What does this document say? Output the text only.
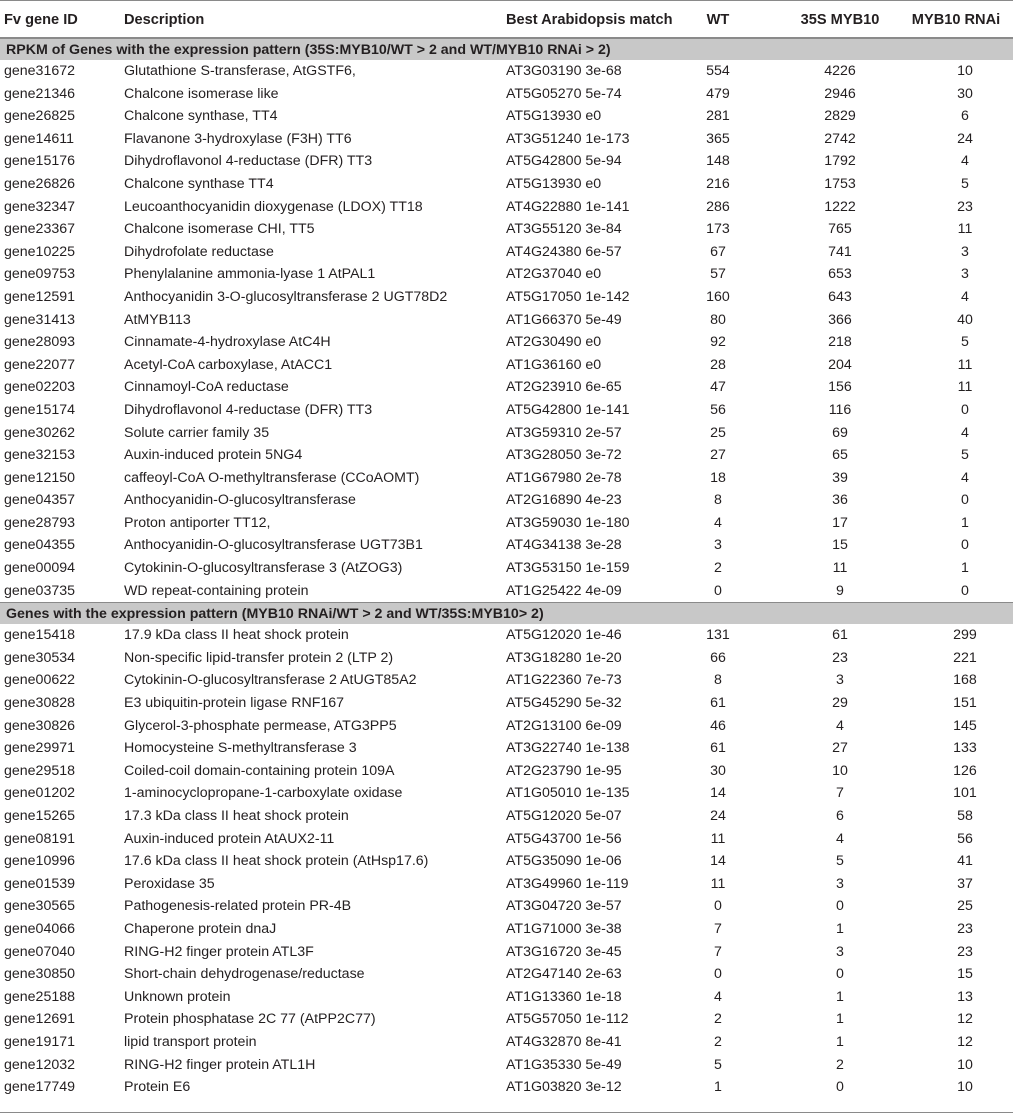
Fv gene ID	Description	Best Arabidopsis match	WT	35S MYB10	MYB10 RNAi
RPKM of Genes with the expression pattern (35S:MYB10/WT > 2 and WT/MYB10 RNAi > 2)
gene31672	Glutathione S-transferase, AtGSTF6,	AT3G03190 3e-68	554	4226	10
gene21346	Chalcone isomerase like	AT5G05270 5e-74	479	2946	30
gene26825	Chalcone synthase, TT4	AT5G13930 e0	281	2829	6
gene14611	Flavanone 3-hydroxylase (F3H) TT6	AT3G51240 1e-173	365	2742	24
gene15176	Dihydroflavonol 4-reductase (DFR) TT3	AT5G42800 5e-94	148	1792	4
gene26826	Chalcone synthase TT4	AT5G13930 e0	216	1753	5
gene32347	Leucoanthocyanidin dioxygenase (LDOX) TT18	AT4G22880 1e-141	286	1222	23
gene23367	Chalcone isomerase CHI, TT5	AT3G55120 3e-84	173	765	11
gene10225	Dihydrofolate reductase	AT4G24380 6e-57	67	741	3
gene09753	Phenylalanine ammonia-lyase 1 AtPAL1	AT2G37040 e0	57	653	3
gene12591	Anthocyanidin 3-O-glucosyltransferase 2 UGT78D2	AT5G17050 1e-142	160	643	4
gene31413	AtMYB113	AT1G66370 5e-49	80	366	40
gene28093	Cinnamate-4-hydroxylase AtC4H	AT2G30490 e0	92	218	5
gene22077	Acetyl-CoA carboxylase, AtACC1	AT1G36160 e0	28	204	11
gene02203	Cinnamoyl-CoA reductase	AT2G23910 6e-65	47	156	11
gene15174	Dihydroflavonol 4-reductase (DFR) TT3	AT5G42800 1e-141	56	116	0
gene30262	Solute carrier family 35	AT3G59310 2e-57	25	69	4
gene32153	Auxin-induced protein 5NG4	AT3G28050 3e-72	27	65	5
gene12150	caffeoyl-CoA O-methyltransferase (CCoAOMT)	AT1G67980 2e-78	18	39	4
gene04357	Anthocyanidin-O-glucosyltransferase	AT2G16890 4e-23	8	36	0
gene28793	Proton antiporter TT12,	AT3G59030 1e-180	4	17	1
gene04355	Anthocyanidin-O-glucosyltransferase UGT73B1	AT4G34138 3e-28	3	15	0
gene00094	Cytokinin-O-glucosyltransferase 3 (AtZOG3)	AT3G53150 1e-159	2	11	1
gene03735	WD repeat-containing protein	AT1G25422 4e-09	0	9	0
Genes with the expression pattern (MYB10 RNAi/WT > 2 and WT/35S:MYB10> 2)
gene15418	17.9 kDa class II heat shock protein	AT5G12020 1e-46	131	61	299
gene30534	Non-specific lipid-transfer protein 2 (LTP 2)	AT3G18280 1e-20	66	23	221
gene00622	Cytokinin-O-glucosyltransferase 2 AtUGT85A2	AT1G22360 7e-73	8	3	168
gene30828	E3 ubiquitin-protein ligase RNF167	AT5G45290 5e-32	61	29	151
gene30826	Glycerol-3-phosphate permease, ATG3PP5	AT2G13100 6e-09	46	4	145
gene29971	Homocysteine S-methyltransferase 3	AT3G22740 1e-138	61	27	133
gene29518	Coiled-coil domain-containing protein 109A	AT2G23790 1e-95	30	10	126
gene01202	1-aminocyclopropane-1-carboxylate oxidase	AT1G05010 1e-135	14	7	101
gene15265	17.3 kDa class II heat shock protein	AT5G12020 5e-07	24	6	58
gene08191	Auxin-induced protein AtAUX2-11	AT5G43700 1e-56	11	4	56
gene10996	17.6 kDa class II heat shock protein (AtHsp17.6)	AT5G35090 1e-06	14	5	41
gene01539	Peroxidase 35	AT3G49960 1e-119	11	3	37
gene30565	Pathogenesis-related protein PR-4B	AT3G04720 3e-57	0	0	25
gene04066	Chaperone protein dnaJ	AT1G71000 3e-38	7	1	23
gene07040	RING-H2 finger protein ATL3F	AT3G16720 3e-45	7	3	23
gene30850	Short-chain dehydrogenase/reductase	AT2G47140 2e-63	0	0	15
gene25188	Unknown protein	AT1G13360 1e-18	4	1	13
gene12691	Protein phosphatase 2C 77 (AtPP2C77)	AT5G57050 1e-112	2	1	12
gene19171	lipid transport protein	AT4G32870 8e-41	2	1	12
gene12032	RING-H2 finger protein ATL1H	AT1G35330 5e-49	5	2	10
gene17749	Protein E6	AT1G03820 3e-12	1	0	10
